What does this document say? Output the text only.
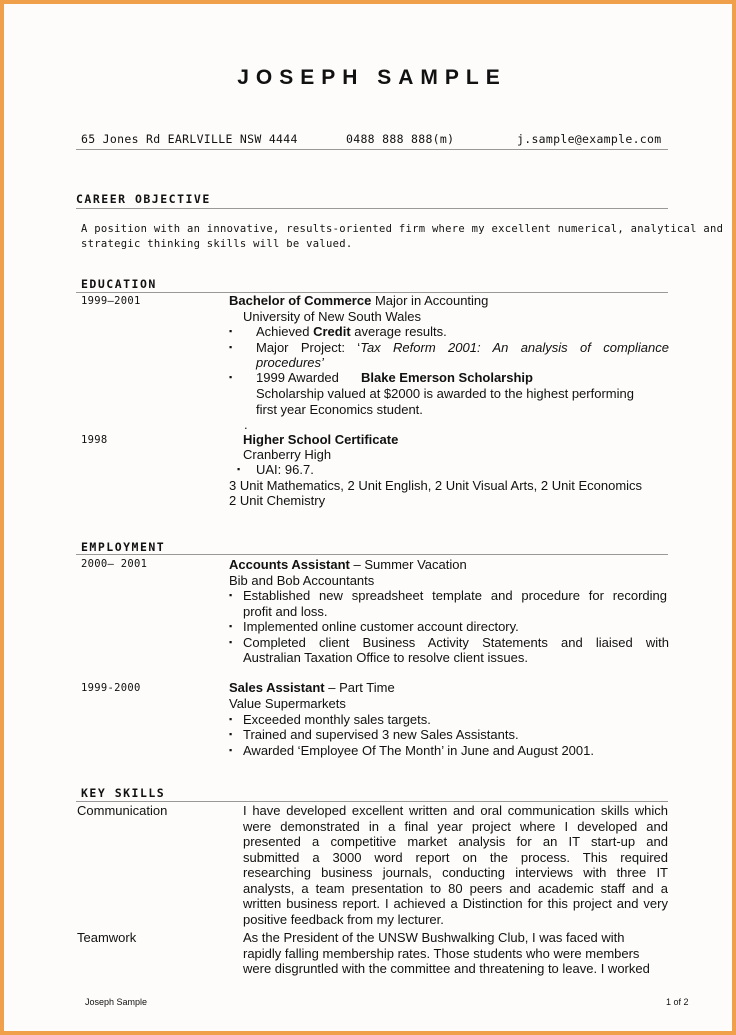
JOSEPH SAMPLE
65 Jones Rd EARLVILLE NSW 4444	0488 888 888(m)	j.sample@example.com
CAREER OBJECTIVE
A position with an innovative, results-oriented firm where my excellent numerical, analytical and
strategic thinking skills will be valued.
EDUCATION
1999–2001	Bachelor of Commerce Major in Accounting
University of New South Wales
▪ Achieved Credit average results.
▪ Major Project: ‘Tax Reform 2001: An analysis of compliance
procedures’
▪ 1999 Awarded	Blake Emerson Scholarship
Scholarship valued at $2000 is awarded to the highest performing
first year Economics student.
.
1998	Higher School Certificate
Cranberry High
▪ UAI: 96.7.
3 Unit Mathematics, 2 Unit English, 2 Unit Visual Arts, 2 Unit Economics
2 Unit Chemistry
EMPLOYMENT
2000– 2001	Accounts Assistant – Summer Vacation
Bib and Bob Accountants
▪ Established new spreadsheet template and procedure for recording
profit and loss.
▪ Implemented online customer account directory.
▪ Completed client Business Activity Statements and liaised with
Australian Taxation Office to resolve client issues.
1999-2000	Sales Assistant – Part Time
Value Supermarkets
▪ Exceeded monthly sales targets.
▪ Trained and supervised 3 new Sales Assistants.
▪ Awarded ‘Employee Of The Month’ in June and August 2001.
KEY SKILLS
Communication	I have developed excellent written and oral communication skills which
were demonstrated in a final year project where I developed and
presented a competitive market analysis for an IT start-up and
submitted a 3000 word report on the process. This required
researching business journals, conducting interviews with three IT
analysts, a team presentation to 80 peers and academic staff and a
written business report. I achieved a Distinction for this project and very
positive feedback from my lecturer.
Teamwork	As the President of the UNSW Bushwalking Club, I was faced with
rapidly falling membership rates. Those students who were members
were disgruntled with the committee and threatening to leave. I worked
Joseph Sample	1 of 2
